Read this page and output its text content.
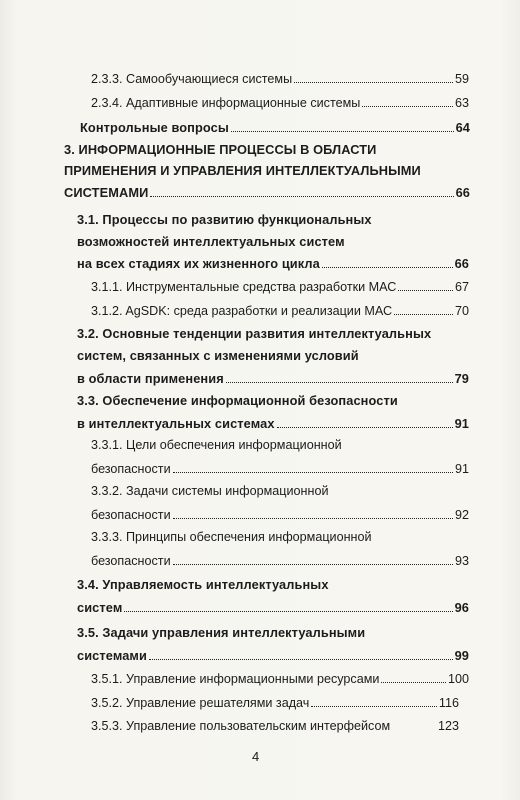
2.3.3. Самообучающиеся системы	59
2.3.4. Адаптивные информационные системы	63
Контрольные вопросы	64
3. ИНФОРМАЦИОННЫЕ ПРОЦЕССЫ В ОБЛАСТИ
ПРИМЕНЕНИЯ И УПРАВЛЕНИЯ ИНТЕЛЛЕКТУАЛЬНЫМИ
СИСТЕМАМИ	66
3.1. Процессы по развитию функциональных
возможностей интеллектуальных систем
на всех стадиях их жизненного цикла	66
3.1.1. Инструментальные средства разработки МАС	67
3.1.2. AgSDK: среда разработки и реализации МАС	70
3.2. Основные тенденции развития интеллектуальных
систем, связанных с изменениями условий
в области применения	79
3.3. Обеспечение информационной безопасности
в интеллектуальных системах	91
3.3.1. Цели обеспечения информационной
безопасности	91
3.3.2. Задачи системы информационной
безопасности	92
3.3.3. Принципы обеспечения информационной
безопасности	93
3.4. Управляемость интеллектуальных
систем	96
3.5. Задачи управления интеллектуальными
системами	99
3.5.1. Управление информационными ресурсами	100
3.5.2. Управление решателями задач	116
3.5.3. Управление пользовательским интерфейсом	123
4
